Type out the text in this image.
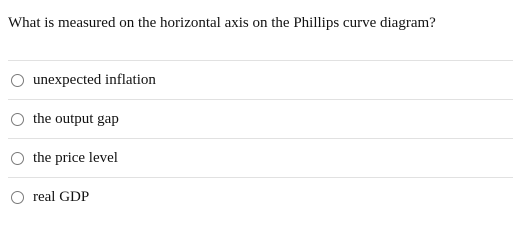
What is measured on the horizontal axis on the Phillips curve diagram?
unexpected inflation
the output gap
the price level
real GDP
